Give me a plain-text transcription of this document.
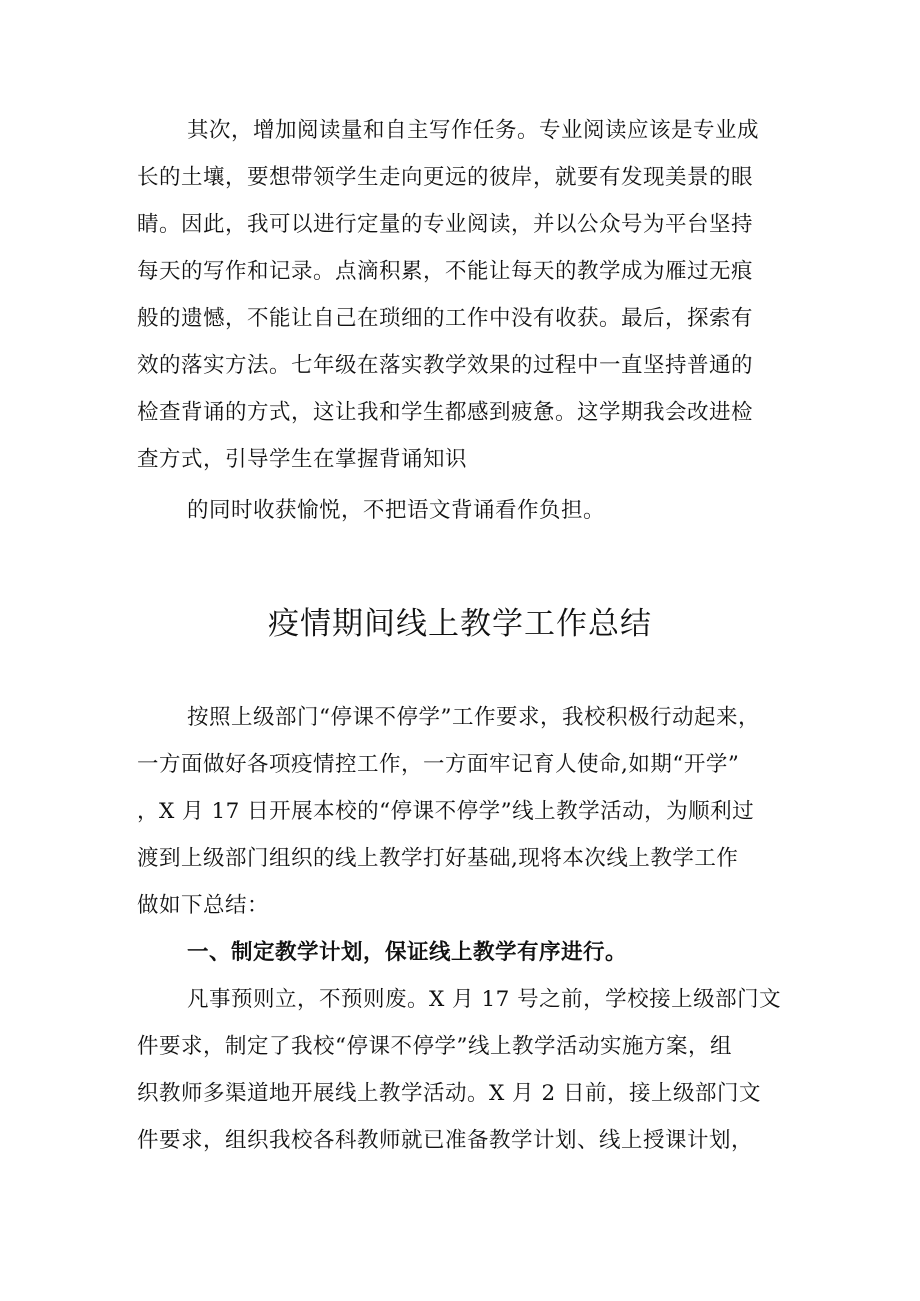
其次，增加阅读量和自主写作任务。专业阅读应该是专业成
长的土壤，要想带领学生走向更远的彼岸，就要有发现美景的眼
睛。因此，我可以进行定量的专业阅读，并以公众号为平台坚持
每天的写作和记录。点滴积累，不能让每天的教学成为雁过无痕
般的遗憾，不能让自己在琐细的工作中没有收获。最后，探索有
效的落实方法。七年级在落实教学效果的过程中一直坚持普通的
检查背诵的方式，这让我和学生都感到疲惫。这学期我会改进检
查方式，引导学生在掌握背诵知识
的同时收获愉悦，不把语文背诵看作负担。
疫情期间线上教学工作总结
按照上级部门“停课不停学”工作要求，我校积极行动起来，
一方面做好各项疫情控工作，一方面牢记育人使命,如期“开学”
，X 月 17 日开展本校的“停课不停学”线上教学活动，为顺利过
渡到上级部门组织的线上教学打好基础,现将本次线上教学工作
做如下总结：
一、制定教学计划，保证线上教学有序进行。
凡事预则立，不预则废。X 月 17 号之前，学校接上级部门文
件要求，制定了我校“停课不停学”线上教学活动实施方案，组
织教师多渠道地开展线上教学活动。X 月 2 日前，接上级部门文
件要求，组织我校各科教师就已准备教学计划、线上授课计划，
